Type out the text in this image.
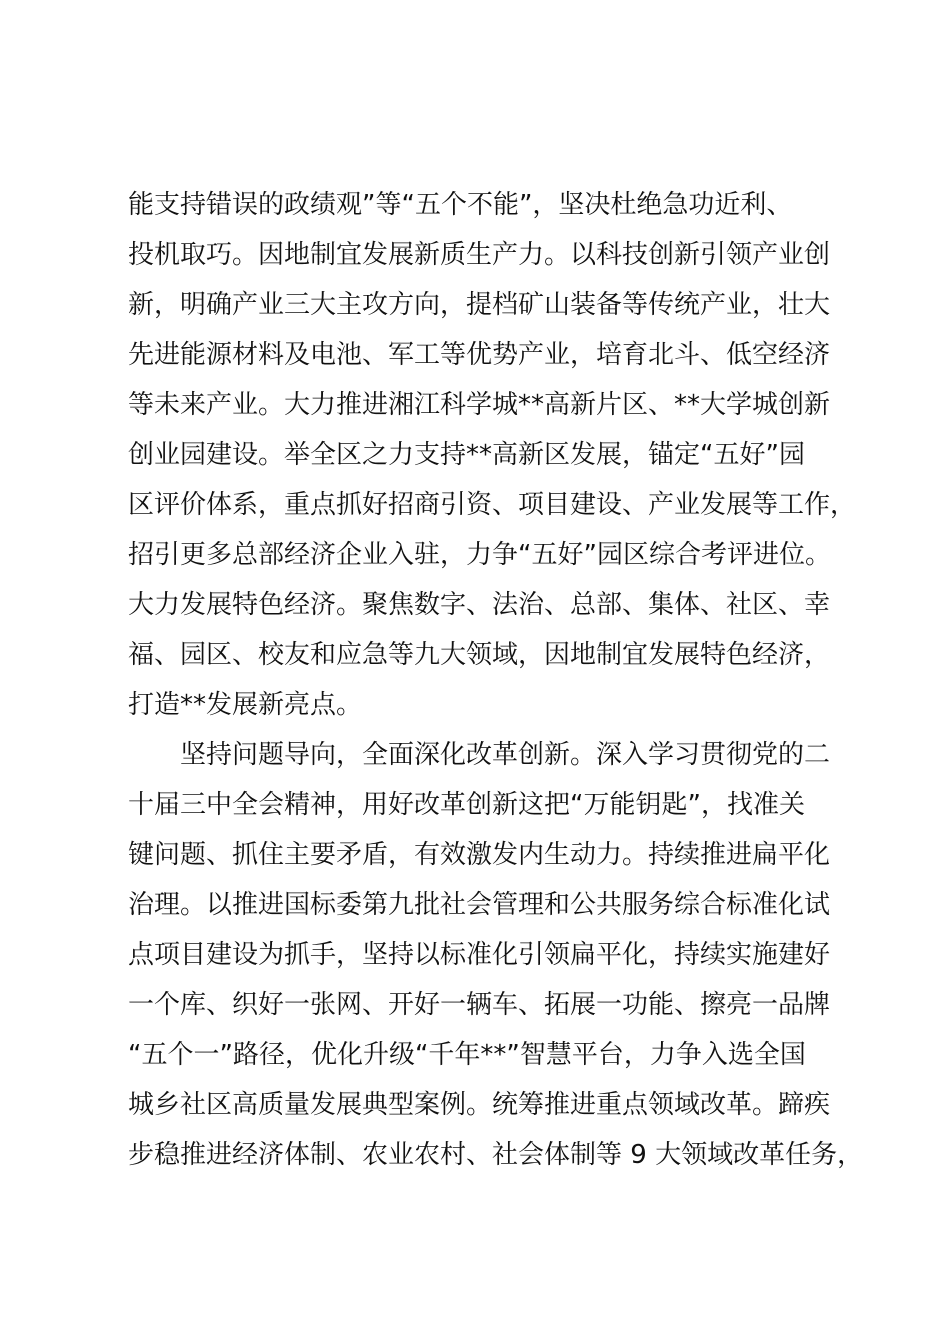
能支持错误的政绩观”等“五个不能”，坚决杜绝急功近利、
投机取巧。因地制宜发展新质生产力。以科技创新引领产业创
新，明确产业三大主攻方向，提档矿山装备等传统产业，壮大
先进能源材料及电池、军工等优势产业，培育北斗、低空经济
等未来产业。大力推进湘江科学城**高新片区、**大学城创新
创业园建设。举全区之力支持**高新区发展，锚定“五好”园
区评价体系，重点抓好招商引资、项目建设、产业发展等工作，
招引更多总部经济企业入驻，力争“五好”园区综合考评进位。
大力发展特色经济。聚焦数字、法治、总部、集体、社区、幸
福、园区、校友和应急等九大领域，因地制宜发展特色经济，
打造**发展新亮点。
坚持问题导向，全面深化改革创新。深入学习贯彻党的二
十届三中全会精神，用好改革创新这把“万能钥匙”，找准关
键问题、抓住主要矛盾，有效激发内生动力。持续推进扁平化
治理。以推进国标委第九批社会管理和公共服务综合标准化试
点项目建设为抓手，坚持以标准化引领扁平化，持续实施建好
一个库、织好一张网、开好一辆车、拓展一功能、擦亮一品牌
“五个一”路径，优化升级“千年**”智慧平台，力争入选全国
城乡社区高质量发展典型案例。统筹推进重点领域改革。蹄疾
步稳推进经济体制、农业农村、社会体制等 9 大领域改革任务，
